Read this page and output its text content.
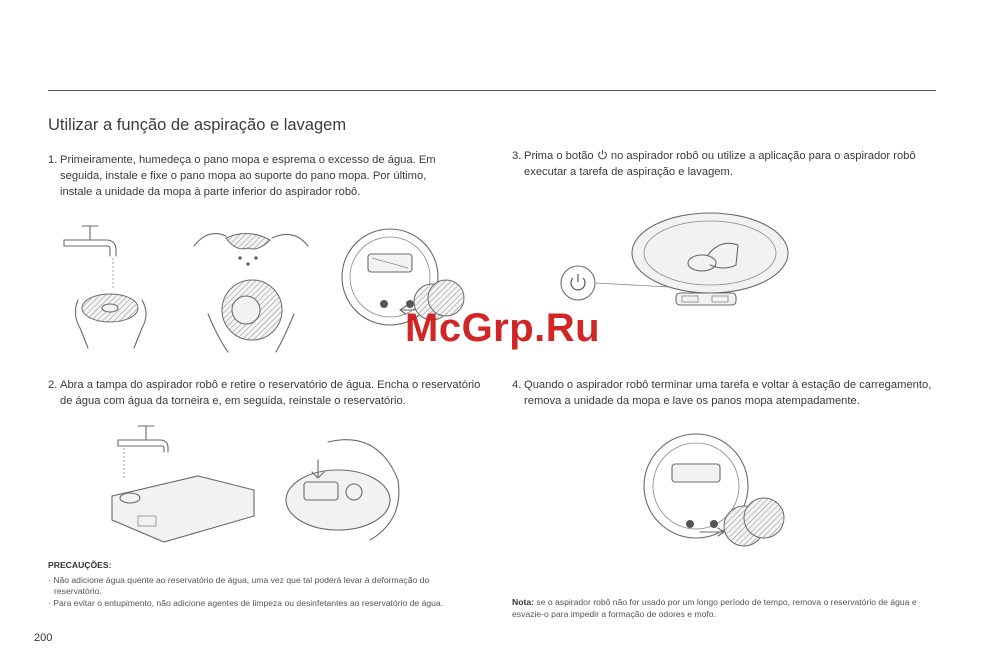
Utilizar a função de aspiração e lavagem
1. Primeiramente, humedeça o pano mopa e esprema o excesso de água. Em seguida, instale e fixe o pano mopa ao suporte do pano mopa. Por último, instale a unidade da mopa à parte inferior do aspirador robô.
3. Prima o botão no aspirador robô ou utilize a aplicação para o aspirador robô executar a tarefa de aspiração e lavagem.
2. Abra a tampa do aspirador robô e retire o reservatório de água. Encha o reservatório de água com água da torneira e, em seguida, reinstale o reservatório.
4. Quando o aspirador robô terminar uma tarefa e voltar à estação de carregamento, remova a unidade da mopa e lave os panos mopa atempadamente.
McGrp.Ru
PRECAUÇÕES:
· Não adicione água quente ao reservatório de água, uma vez que tal poderá levar à deformação do reservatório.
· Para evitar o entupimento, não adicione agentes de limpeza ou desinfetantes ao reservatório de água.	Nota: se o aspirador robô não for usado por um longo período de tempo, remova o reservatório de água e esvazie-o para impedir a formação de odores e mofo.
200
